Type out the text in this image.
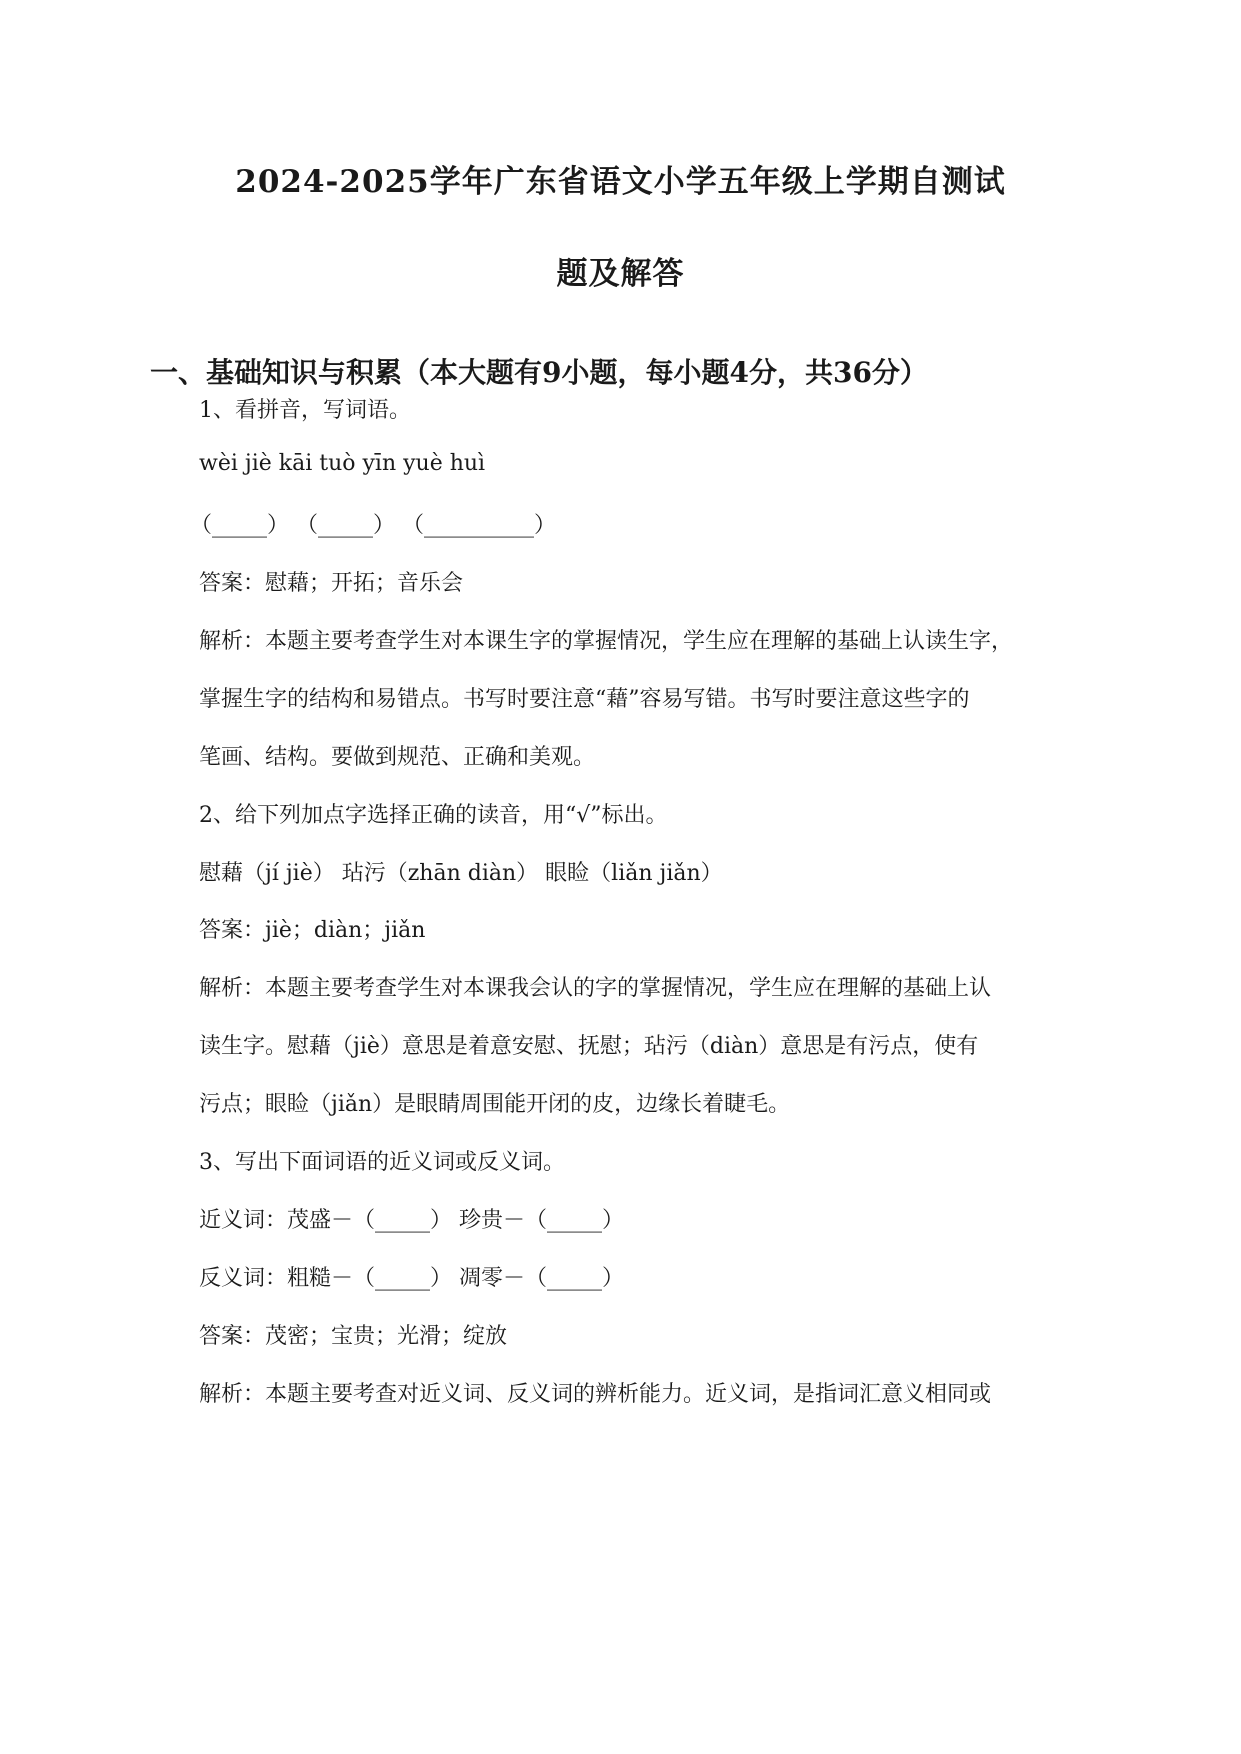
2024-2025学年广东省语文小学五年级上学期自测试
题及解答
一、基础知识与积累（本大题有9小题，每小题4分，共36分）
1、看拼音，写词语。
wèi jiè kāi tuò yīn yuè huì
（_____） （_____） （__________）
答案：慰藉；开拓；音乐会
解析：本题主要考查学生对本课生字的掌握情况，学生应在理解的基础上认读生字，
掌握生字的结构和易错点。书写时要注意“藉”容易写错。书写时要注意这些字的
笔画、结构。要做到规范、正确和美观。
2、给下列加点字选择正确的读音，用“√”标出。
慰藉（jí jiè） 玷污（zhān diàn） 眼睑（liǎn jiǎn）
答案：jiè；diàn；jiǎn
解析：本题主要考查学生对本课我会认的字的掌握情况，学生应在理解的基础上认
读生字。慰藉（jiè）意思是着意安慰、抚慰；玷污（diàn）意思是有污点，使有
污点；眼睑（jiǎn）是眼睛周围能开闭的皮，边缘长着睫毛。
3、写出下面词语的近义词或反义词。
近义词：茂盛－（_____） 珍贵－（_____）
反义词：粗糙－（_____） 凋零－（_____）
答案：茂密；宝贵；光滑；绽放
解析：本题主要考查对近义词、反义词的辨析能力。近义词，是指词汇意义相同或
